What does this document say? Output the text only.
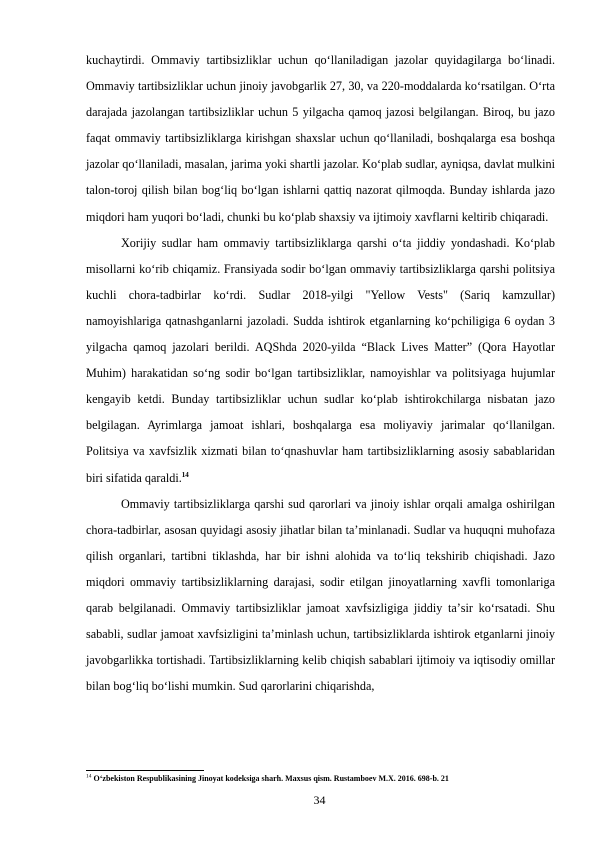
kuchaytirdi. Ommaviy tartibsizliklar uchun qoʻllaniladigan jazolar quyidagilarga boʻlinadi. Ommaviy tartibsizliklar uchun jinoiy javobgarlik 27, 30, va 220-moddalarda koʻrsatilgan. Oʻrta darajada jazolangan tartibsizliklar uchun 5 yilgacha qamoq jazosi belgilangan. Biroq, bu jazo faqat ommaviy tartibsizliklarga kirishgan shaxslar uchun qoʻllaniladi, boshqalarga esa boshqa jazolar qoʻllaniladi, masalan, jarima yoki shartli jazolar. Koʻplab sudlar, ayniqsa, davlat mulkini talon-toroj qilish bilan bogʻliq boʻlgan ishlarni qattiq nazorat qilmoqda. Bunday ishlarda jazo miqdori ham yuqori boʻladi, chunki bu koʻplab shaxsiy va ijtimoiy xavflarni keltirib chiqaradi.

Xorijiy sudlar ham ommaviy tartibsizliklarga qarshi oʻta jiddiy yondashadi. Koʻplab misollarni koʻrib chiqamiz. Fransiyada sodir boʻlgan ommaviy tartibsizliklarga qarshi politsiya kuchli chora-tadbirlar koʻrdi. Sudlar 2018-yilgi "Yellow Vests" (Sariq kamzullar) namoyishlariga qatnashganlarni jazoladi. Sudda ishtirok etganlarning koʻpchiligiga 6 oydan 3 yilgacha qamoq jazolari berildi. AQShda 2020-yilda “Black Lives Matter” (Qora Hayotlar Muhim) harakatidan soʻng sodir boʻlgan tartibsizliklar, namoyishlar va politsiyaga hujumlar kengayib ketdi. Bunday tartibsizliklar uchun sudlar koʻplab ishtirokchilarga nisbatan jazo belgilagan. Ayrimlarga jamoat ishlari, boshqalarga esa moliyaviy jarimalar qoʻllanilgan. Politsiya va xavfsizlik xizmati bilan toʻqnashuvlar ham tartibsizliklarning asosiy sabablaridan biri sifatida qaraldi.$^{14}$

Ommaviy tartibsizliklarga qarshi sud qarorlari va jinoiy ishlar orqali amalga oshirilgan chora-tadbirlar, asosan quyidagi asosiy jihatlar bilan taʼminlanadi. Sudlar va huquqni muhofaza qilish organlari, tartibni tiklashda, har bir ishni alohida va toʻliq tekshirib chiqishadi. Jazo miqdori ommaviy tartibsizliklarning darajasi, sodir etilgan jinoyatlarning xavfli tomonlariga qarab belgilanadi. Ommaviy tartibsizliklar jamoat xavfsizligiga jiddiy taʼsir koʻrsatadi. Shu sababli, sudlar jamoat xavfsizligini taʼminlash uchun, tartibsizliklarda ishtirok etganlarni jinoiy javobgarlikka tortishadi. Tartibsizliklarning kelib chiqish sabablari ijtimoiy va iqtisodiy omillar bilan bogʻliq boʻlishi mumkin. Sud qarorlarini chiqarishda,

$^{14}$ Oʻzbekiston Respublikasining Jinoyat kodeksiga sharh. Maxsus qism. Rustamboev M.X. 2016. 698-b. 21
34
